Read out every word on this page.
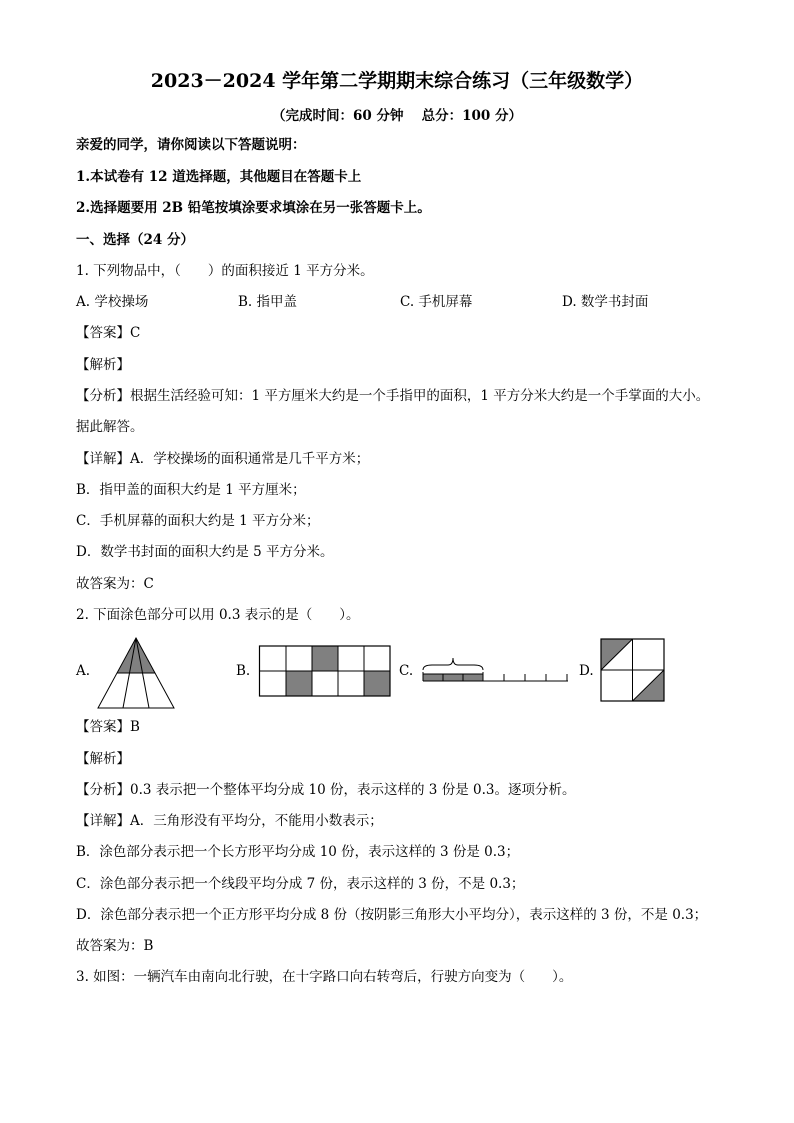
2023－2024 学年第二学期期末综合练习（三年级数学）
（完成时间：60 分钟　 总分：100 分）
亲爱的同学，请你阅读以下答题说明：
1.本试卷有 12 道选择题，其他题目在答题卡上
2.选择题要用 2B 铅笔按填涂要求填涂在另一张答题卡上。
一、选择（24 分）
1. 下列物品中，（　　）的面积接近 1 平方分米。
A. 学校操场	B. 指甲盖	C. 手机屏幕	D. 数学书封面
【答案】C
【解析】
【分析】根据生活经验可知：1 平方厘米大约是一个手指甲的面积，1 平方分米大约是一个手掌面的大小。
据此解答。
【详解】A．学校操场的面积通常是几千平方米；
B．指甲盖的面积大约是 1 平方厘米；
C．手机屏幕的面积大约是 1 平方分米；
D．数学书封面的面积大约是 5 平方分米。
故答案为：C
2. 下面涂色部分可以用 0.3 表示的是（　　）。
A.	B.	C.	D.
【答案】B
【解析】
【分析】0.3 表示把一个整体平均分成 10 份，表示这样的 3 份是 0.3。逐项分析。
【详解】A．三角形没有平均分，不能用小数表示；
B．涂色部分表示把一个长方形平均分成 10 份，表示这样的 3 份是 0.3；
C．涂色部分表示把一个线段平均分成 7 份，表示这样的 3 份，不是 0.3；
D．涂色部分表示把一个正方形平均分成 8 份（按阴影三角形大小平均分），表示这样的 3 份，不是 0.3；
故答案为：B
3. 如图：一辆汽车由南向北行驶，在十字路口向右转弯后，行驶方向变为（　　）。
